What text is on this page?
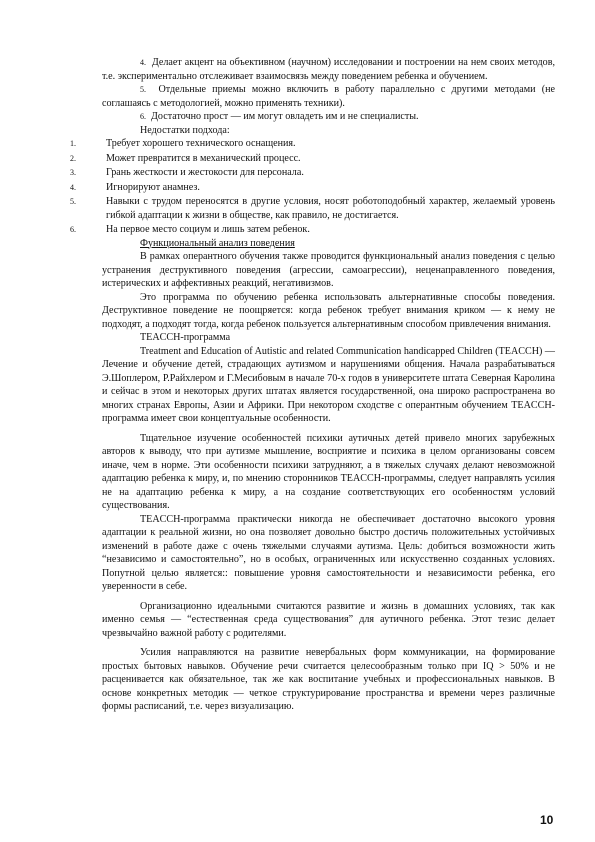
4. Делает акцент на объективном (научном) исследовании и построении на нем своих методов, т.е. экспериментально отслеживает взаимосвязь между поведением ребенка и обучением.

5. Отдельные приемы можно включить в работу параллельно с другими методами (не соглашаясь с методологией, можно применять техники).

6. Достаточно прост — им могут овладеть им и не специалисты.

Недостатки подхода:

1.	Требует хорошего технического оснащения.

2.	Может превратится в механический процесс.

3.	Грань жесткости и жестокости для персонала.

4.	Игнорируют анамнез.

5.	Навыки с трудом переносятся в другие условия, носят роботоподобный характер, желаемый уровень гибкой адаптации к жизни в обществе, как правило, не достигается.

6.	На первое место социум и лишь затем ребенок.

Функциональный анализ поведения

В рамках оперантного обучения также проводится функциональный анализ поведения с целью устранения деструктивного поведения (агрессии, самоагрессии), неценаправленного поведения, истерических и аффективных реакций, негативизмов.

Это программа по обучению ребенка использовать альтернативные способы поведения. Деструктивное поведение не поощряется: когда ребенок требует внимания криком — к нему не подходят, а подходят тогда, когда ребенок пользуется альтернативным способом привлечения внимания.

TEACCH-программа

Treatment and Education of Autistic and related Communication handicapped Children (TEACCH) — Лечение и обучение детей, страдающих аутизмом и нарушениями общения. Начала разрабатываться Э.Шоплером, Р.Райхлером и Г.Месибовым в начале 70-х годов в университете штата Северная Каролина и сейчас в этом и некоторых других штатах является государственной, она широко распространена во многих странах Европы, Азии и Африки. При некотором сходстве с оперантным обучением TEACCH-программа имеет свои концептуальные особенности.

Тщательное изучение особенностей психики аутичных детей привело многих зарубежных авторов к выводу, что при аутизме мышление, восприятие и психика в целом организованы совсем иначе, чем в норме. Эти особенности психики затрудняют, а в тяжелых случаях делают невозможной адаптацию ребенка к миру, и, по мнению сторонников TEACCH-программы, следует направлять усилия не на адаптацию ребенка к миру, а на создание соответствующих его особенностям условий существования.

TEACCH-программа практически никогда не обеспечивает достаточно высокого уровня адаптации к реальной жизни, но она позволяет довольно быстро достичь положительных устойчивых изменений в работе даже с очень тяжелыми случаями аутизма. Цель: добиться возможности жить “независимо и самостоятельно”, но в особых, ограниченных или искусственно созданных условиях. Попутной целью является:: повышение уровня самостоятельности и независимости ребенка, его уверенности в себе.

Организационно идеальными считаются развитие и жизнь в домашних условиях, так как именно семья — “естественная среда существования” для аутичного ребенка. Этот тезис делает чрезвычайно важной работу с родителями.

Усилия направляются на развитие невербальных форм коммуникации, на формирование простых бытовых навыков. Обучение речи считается целесообразным только при IQ > 50% и не расценивается как обязательное, так же как воспитание учебных и профессиональных навыков. В основе конкретных методик — четкое структурирование пространства и времени через различные формы расписаний, т.е. через визуализацию.

10
